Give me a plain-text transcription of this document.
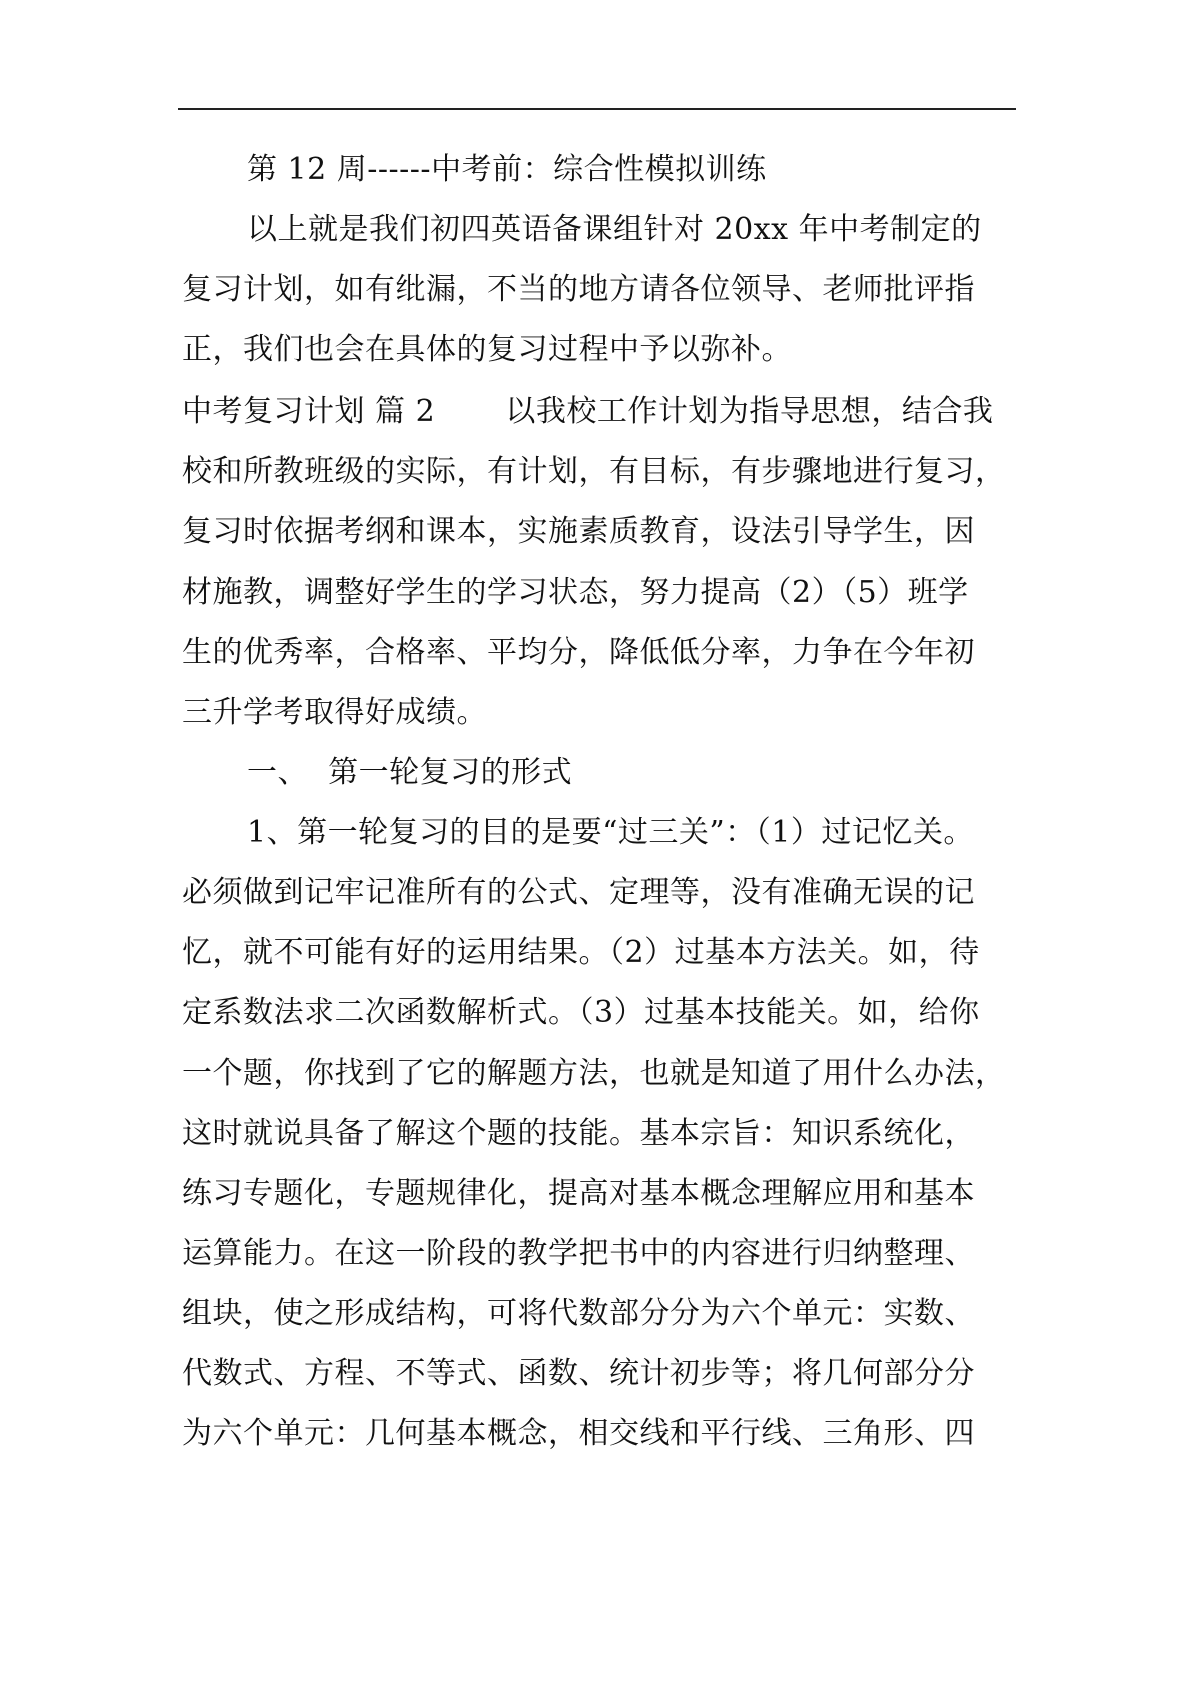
第 12 周------中考前：综合性模拟训练
以上就是我们初四英语备课组针对 20xx 年中考制定的
复习计划，如有纰漏，不当的地方请各位领导、老师批评指
正，我们也会在具体的复习过程中予以弥补。
中考复习计划 篇 2       以我校工作计划为指导思想，结合我
校和所教班级的实际，有计划，有目标，有步骤地进行复习，
复习时依据考纲和课本，实施素质教育，设法引导学生，因
材施教，调整好学生的学习状态，努力提高（2）（5）班学
生的优秀率，合格率、平均分，降低低分率，力争在今年初
三升学考取得好成绩。
一、  第一轮复习的形式
1、第一轮复习的目的是要“过三关”：（1）过记忆关。
必须做到记牢记准所有的公式、定理等，没有准确无误的记
忆，就不可能有好的运用结果。（2）过基本方法关。如，待
定系数法求二次函数解析式。（3）过基本技能关。如，给你
一个题，你找到了它的解题方法，也就是知道了用什么办法，
这时就说具备了解这个题的技能。基本宗旨：知识系统化，
练习专题化，专题规律化，提高对基本概念理解应用和基本
运算能力。在这一阶段的教学把书中的内容进行归纳整理、
组块，使之形成结构，可将代数部分分为六个单元：实数、
代数式、方程、不等式、函数、统计初步等；将几何部分分
为六个单元：几何基本概念，相交线和平行线、三角形、四
